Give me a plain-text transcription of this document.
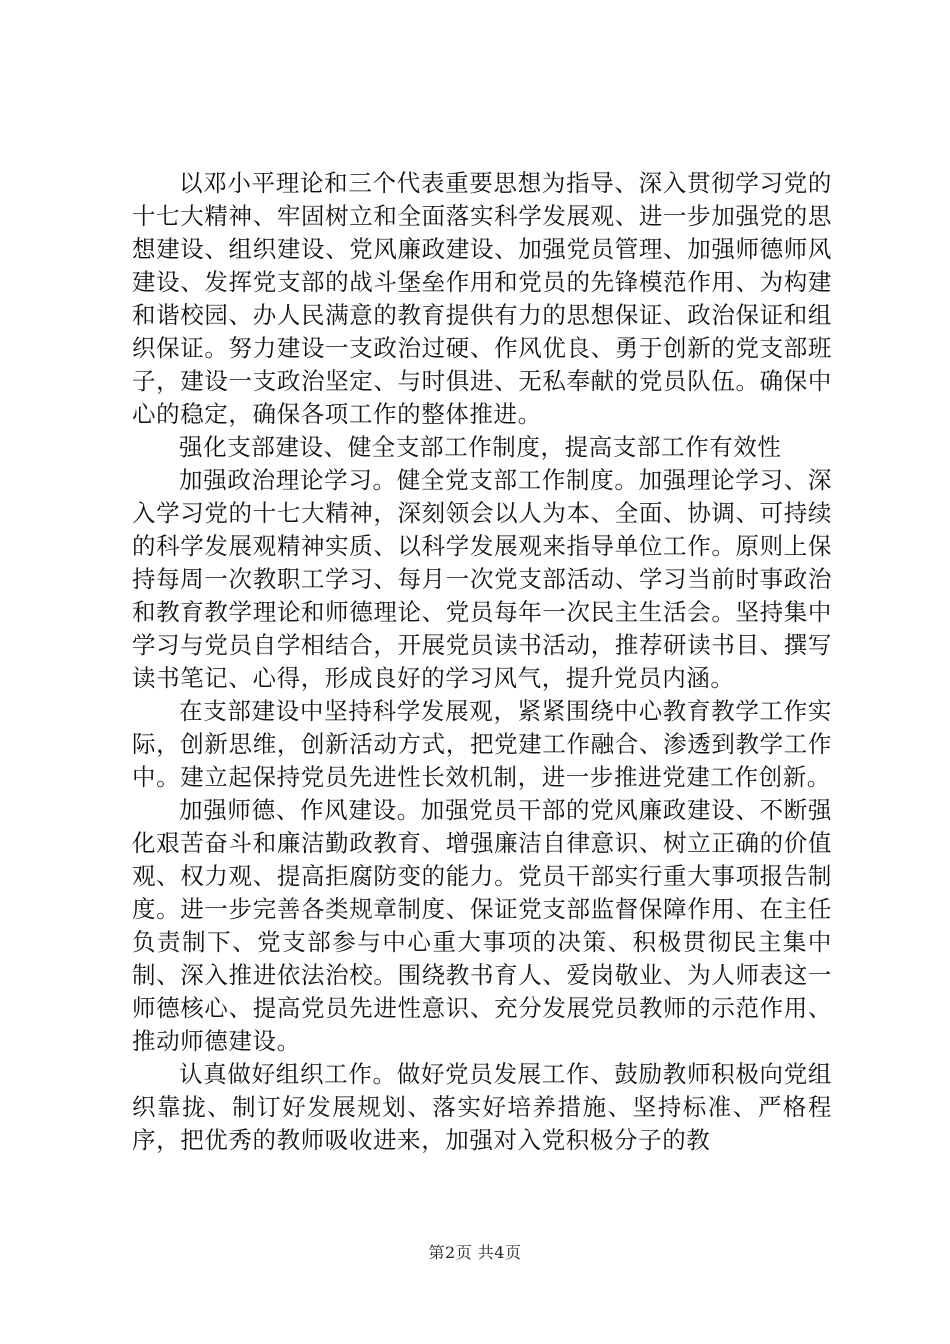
以邓小平理论和三个代表重要思想为指导、深入贯彻学习党的十七大精神、牢固树立和全面落实科学发展观、进一步加强党的思想建设、组织建设、党风廉政建设、加强党员管理、加强师德师风建设、发挥党支部的战斗堡垒作用和党员的先锋模范作用、为构建和谐校园、办人民满意的教育提供有力的思想保证、政治保证和组织保证。努力建设一支政治过硬、作风优良、勇于创新的党支部班子，建设一支政治坚定、与时俱进、无私奉献的党员队伍。确保中心的稳定，确保各项工作的整体推进。

强化支部建设、健全支部工作制度，提高支部工作有效性

加强政治理论学习。健全党支部工作制度。加强理论学习、深入学习党的十七大精神，深刻领会以人为本、全面、协调、可持续的科学发展观精神实质、以科学发展观来指导单位工作。原则上保持每周一次教职工学习、每月一次党支部活动、学习当前时事政治和教育教学理论和师德理论、党员每年一次民主生活会。坚持集中学习与党员自学相结合，开展党员读书活动，推荐研读书目、撰写读书笔记、心得，形成良好的学习风气，提升党员内涵。

在支部建设中坚持科学发展观，紧紧围绕中心教育教学工作实际，创新思维，创新活动方式，把党建工作融合、渗透到教学工作中。建立起保持党员先进性长效机制，进一步推进党建工作创新。

加强师德、作风建设。加强党员干部的党风廉政建设、不断强化艰苦奋斗和廉洁勤政教育、增强廉洁自律意识、树立正确的价值观、权力观、提高拒腐防变的能力。党员干部实行重大事项报告制度。进一步完善各类规章制度、保证党支部监督保障作用、在主任负责制下、党支部参与中心重大事项的决策、积极贯彻民主集中制、深入推进依法治校。围绕教书育人、爱岗敬业、为人师表这一师德核心、提高党员先进性意识、充分发展党员教师的示范作用、推动师德建设。

认真做好组织工作。做好党员发展工作、鼓励教师积极向党组织靠拢、制订好发展规划、落实好培养措施、坚持标准、严格程序，把优秀的教师吸收进来，加强对入党积极分子的教

第2页 共4页
